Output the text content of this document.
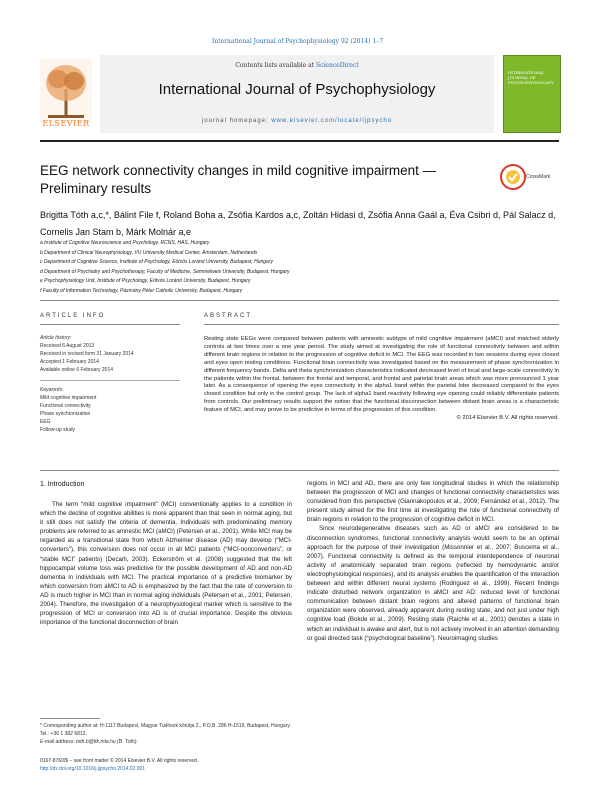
International Journal of Psychophysiology 92 (2014) 1–7
ELSEVIER
Contents lists available at ScienceDirect
International Journal of Psychophysiology
journal homepage: www.elsevier.com/locate/ijpsycho
INTERNATIONAL JOURNAL OF PSYCHOPHYSIOLOGY
EEG network connectivity changes in mild cognitive impairment — Preliminary results
CrossMark
Brigitta Tóth a,c,*, Bálint File f, Roland Boha a, Zsófia Kardos a,c, Zoltán Hidasi d, Zsófia Anna Gaál a, Éva Csibri d, Pál Salacz d, Cornelis Jan Stam b, Márk Molnár a,e
a Institute of Cognitive Neuroscience and Psychology, RCNS, HAS, Hungary
b Department of Clinical Neurophysiology, VU University Medical Center, Amsterdam, Netherlands
c Department of Cognitive Science, Institute of Psychology, Eötvös Loránd University, Budapest, Hungary
d Department of Psychiatry and Psychotherapy, Faculty of Medicine, Semmelweis University, Budapest, Hungary
e Psychophysiology Unit, Institute of Psychology, Eötvös Loránd University, Budapest, Hungary
f Faculty of Information Technology, Pázmány Péter Catholic University, Budapest, Hungary
ARTICLE INFO	ABSTRACT
Article history:
Received 6 August 2013
Received in revised form 31 January 2014
Accepted 1 February 2014
Available online 6 February 2014
Keywords:
Mild cognitive impairment
Functional connectivity
Phase synchronization
EEG
Follow-up study
Resting state EEGs were compared between patients with amnestic subtype of mild cognitive impairment (aMCI) and matched elderly controls at two times over a one year period. The study aimed at investigating the role of functional connectivity between and within different brain regions in relation to the progression of cognitive deficit in MCI. The EEG was recorded in two sessions during eyes closed and eyes open resting conditions. Functional brain connectivity was investigated based on the measurement of phase synchronization in different frequency bands. Delta and theta synchronization characteristics indicated decreased level of local and large-scale connectivity in the patients within the frontal, between the frontal and temporal, and frontal and parietal brain areas which was more pronounced 1 year later. As a consequence of opening the eyes connectivity in the alpha1 band within the parietal lobe decreased compared to the eyes closed condition but only in the control group. The lack of alpha1 band reactivity following eye opening could reliably differentiate patients from controls. Our preliminary results support the notion that the functional disconnection between distant brain areas is a characteristic feature of MCI, and may prove to be predictive in terms of the progression of this condition.
© 2014 Elsevier B.V. All rights reserved.
1. Introduction

The term “mild cognitive impairment” (MCI) conventionally applies to a condition in which the decline of cognitive abilities is more apparent than that seen in normal aging, but it still does not satisfy the criteria of dementia. Individuals with predominating memory problems are referred to as amnestic MCI (aMCI) (Petersen et al., 2001). While MCI may be regarded as a transitional state from which Alzheimer disease (AD) may develop (“MCI-converters”), this conversion does not occur in all MCI patients (“MCI-nonconverters”, or “stable MCI” patients) (Decarli, 2003). Eckerström et al. (2008) suggested that the left hippocampal volume loss was predictive for the possible development of AD and non-AD dementia in individuals with MCI. The practical importance of a predictive biomarker by which conversion from aMCI to AD is emphasized by the fact that the rate of conversion to AD is much higher in MCI than in normal aging individuals (Petersen et al., 2001; Petersen, 2004). Therefore, the investigation of a neurophysiological marker which is sensitive to the progression of MCI or conversion into AD is of crucial importance. Despite the obvious importance of the functional disconnection of brain

regions in MCI and AD, there are only few longitudinal studies in which the relationship between the progression of MCI and changes of functional connectivity characteristics was considered from this perspective (Giannakopoulos et al., 2009; Fernández et al., 2012). The present study aimed for the first time at investigating the role of functional connectivity of brain regions in relation to the progression of cognitive deficit in MCI.

Since neurodegenerative diseases such as AD or aMCI are considered to be disconnection syndromes, functional connectivity analysis would seem to be an optimal approach for the purpose of their investigation (Missonnier et al., 2007; Buscema et al., 2007). Functional connectivity is defined as the temporal interdependence of neuronal activity of anatomically separated brain regions (reflected by hemodynamic and/or electrophysiological responses), and its analysis enables the quantification of the interaction between and within different neural systems (Rodriguez et al., 1999). Recent findings indicate disturbed network organization in aMCI and AD: reduced level of functional communication between distant brain regions and altered patterns of functional brain organization were observed, already apparent during resting state, and not just under high cognitive load (Bokde et al., 2009). Resting state (Raichle et al., 2001) denotes a state in which an individual is awake and alert, but is not actively involved in an attention demanding or goal directed task (“psychological baseline”). Neuroimaging studies

* Corresponding author at: H-1117 Budapest, Magyar Tudósok körútja 2., P.O.B. 286 H-1519, Budapest, Hungary. Tel.: +36 1 382 6812.
E-mail address: toth.b@ttk.mta.hu (B. Tóth).
0167-8760/$ – see front matter © 2014 Elsevier B.V. All rights reserved.
http://dx.doi.org/10.1016/j.ijpsycho.2014.02.001
